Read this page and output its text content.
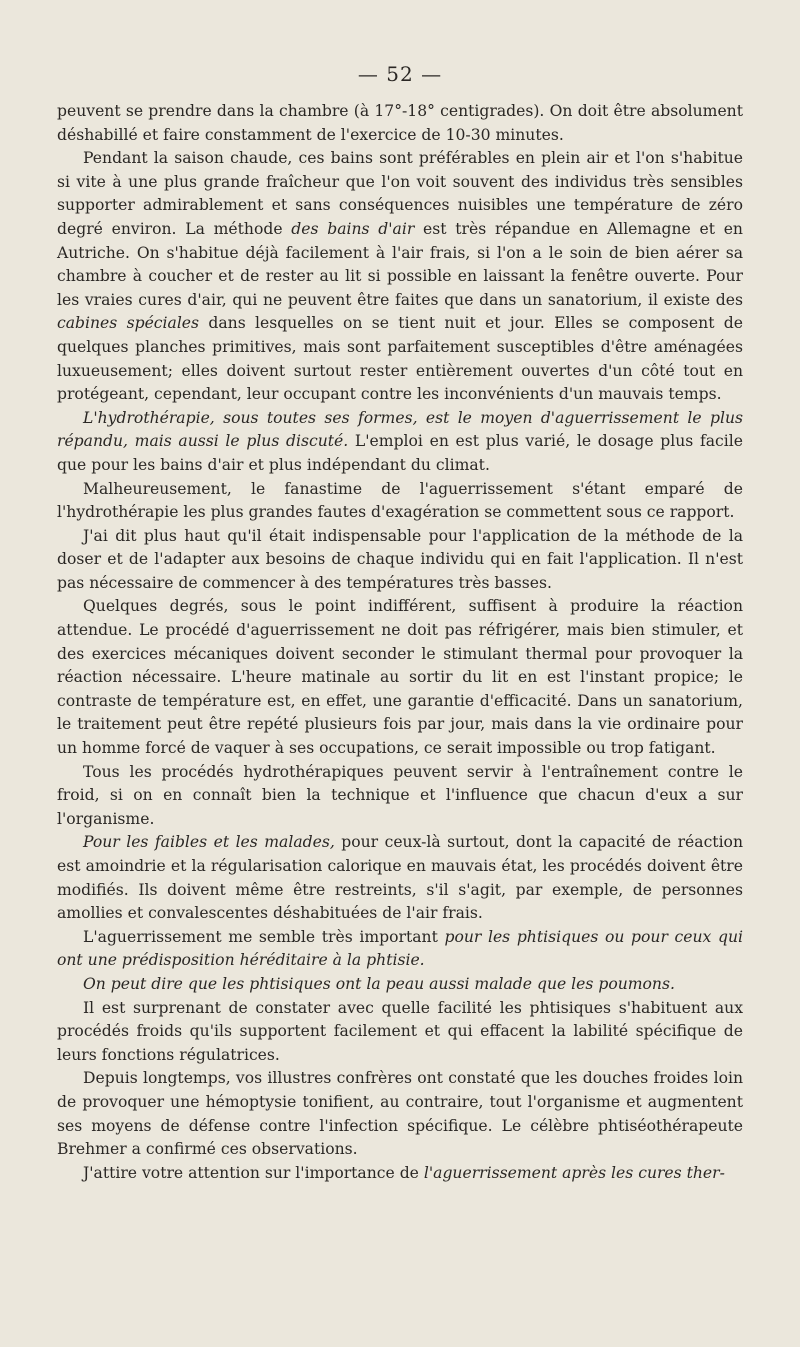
— 52 —

peuvent se prendre dans la chambre (à 17°-18° centigrades). On doit être absolument déshabillé et faire constamment de l'exercice de 10-30 minutes.

Pendant la saison chaude, ces bains sont préférables en plein air et l'on s'habitue si vite à une plus grande fraîcheur que l'on voit souvent des individus très sensibles supporter admirablement et sans conséquences nuisibles une température de zéro degré environ. La méthode des bains d'air est très répandue en Allemagne et en Autriche. On s'habitue déjà facilement à l'air frais, si l'on a le soin de bien aérer sa chambre à coucher et de rester au lit si possible en laissant la fenêtre ouverte. Pour les vraies cures d'air, qui ne peuvent être faites que dans un sanatorium, il existe des cabines spéciales dans lesquelles on se tient nuit et jour. Elles se composent de quelques planches primitives, mais sont parfaitement susceptibles d'être aménagées luxueusement; elles doivent surtout rester entièrement ouvertes d'un côté tout en protégeant, cependant, leur occupant contre les inconvénients d'un mauvais temps.

L'hydrothérapie, sous toutes ses formes, est le moyen d'aguerrissement le plus répandu, mais aussi le plus discuté. L'emploi en est plus varié, le dosage plus facile que pour les bains d'air et plus indépendant du climat.

Malheureusement, le fanastime de l'aguerrissement s'étant emparé de l'hydrothérapie les plus grandes fautes d'exagération se commettent sous ce rapport.

J'ai dit plus haut qu'il était indispensable pour l'application de la méthode de la doser et de l'adapter aux besoins de chaque individu qui en fait l'application. Il n'est pas nécessaire de commencer à des températures très basses.

Quelques degrés, sous le point indifférent, suffisent à produire la réaction attendue. Le procédé d'aguerrissement ne doit pas réfrigérer, mais bien stimuler, et des exercices mécaniques doivent seconder le stimulant thermal pour provoquer la réaction nécessaire. L'heure matinale au sortir du lit en est l'instant propice; le contraste de température est, en effet, une garantie d'efficacité. Dans un sanatorium, le traitement peut être repété plusieurs fois par jour, mais dans la vie ordinaire pour un homme forcé de vaquer à ses occupations, ce serait impossible ou trop fatigant.

Tous les procédés hydrothérapiques peuvent servir à l'entraînement contre le froid, si on en connaît bien la technique et l'influence que chacun d'eux a sur l'organisme.

Pour les faibles et les malades, pour ceux-là surtout, dont la capacité de réaction est amoindrie et la régularisation calorique en mauvais état, les procédés doivent être modifiés. Ils doivent même être restreints, s'il s'agit, par exemple, de personnes amollies et convalescentes déshabituées de l'air frais.

L'aguerrissement me semble très important pour les phtisiques ou pour ceux qui ont une prédisposition héréditaire à la phtisie.

On peut dire que les phtisiques ont la peau aussi malade que les poumons.

Il est surprenant de constater avec quelle facilité les phtisiques s'habituent aux procédés froids qu'ils supportent facilement et qui effacent la labilité spécifique de leurs fonctions régulatrices.

Depuis longtemps, vos illustres confrères ont constaté que les douches froides loin de provoquer une hémoptysie tonifient, au contraire, tout l'organisme et augmentent ses moyens de défense contre l'infection spécifique. Le célèbre phtiséothérapeute Brehmer a confirmé ces observations.

J'attire votre attention sur l'importance de l'aguerrissement après les cures ther-
